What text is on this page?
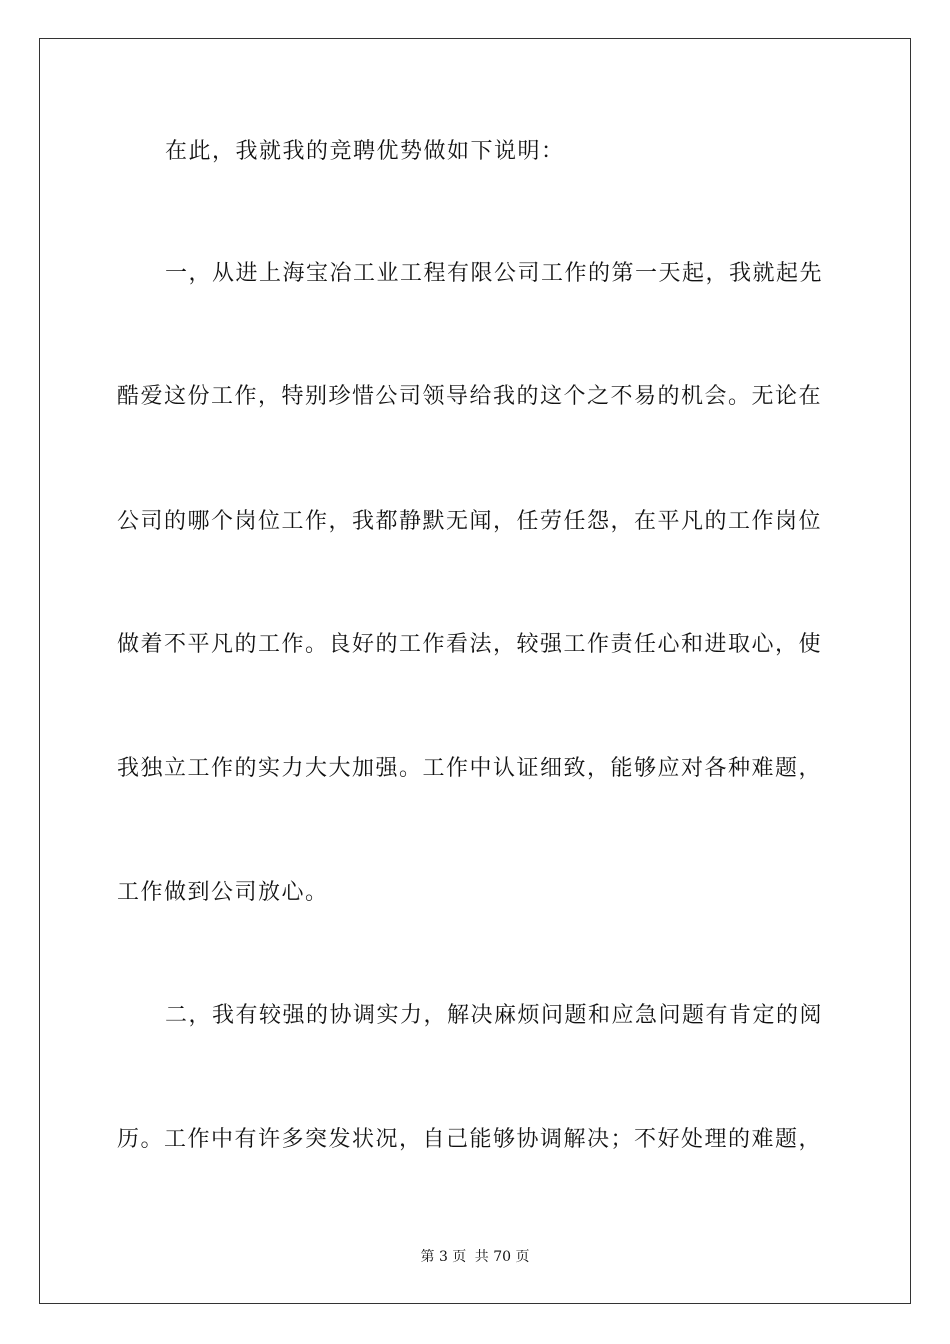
在此，我就我的竞聘优势做如下说明：
一，从进上海宝冶工业工程有限公司工作的第一天起，我就起先
酷爱这份工作，特别珍惜公司领导给我的这个之不易的机会。无论在
公司的哪个岗位工作，我都静默无闻，任劳任怨，在平凡的工作岗位
做着不平凡的工作。良好的工作看法，较强工作责任心和进取心，使
我独立工作的实力大大加强。工作中认证细致，能够应对各种难题，
工作做到公司放心。
二，我有较强的协调实力，解决麻烦问题和应急问题有肯定的阅
历。工作中有许多突发状况，自己能够协调解决；不好处理的难题，
第 3 页 共 70 页
